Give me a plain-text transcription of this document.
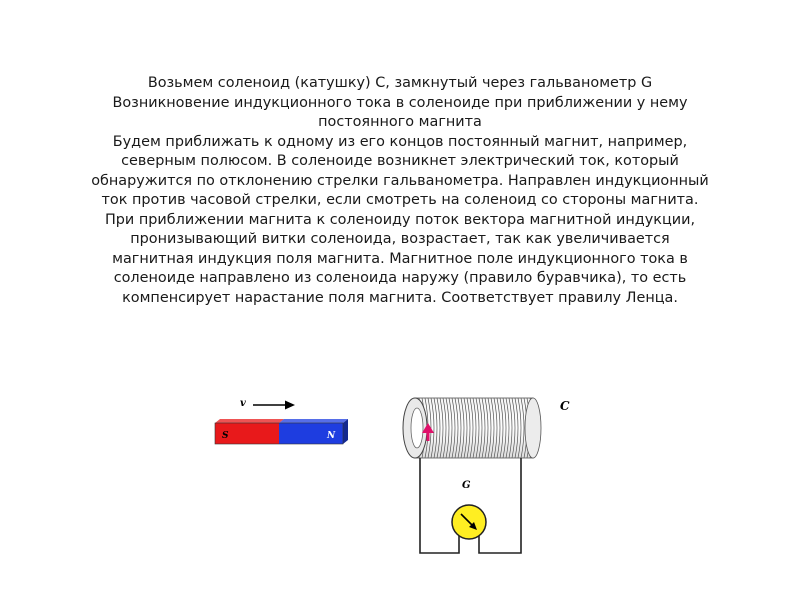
Возьмем соленоид (катушку) C, замкнутый через гальванометр G
Возникновение индукционного тока в соленоиде при приближении у нему
постоянного магнита
Будем приближать к одному из его концов постоянный магнит, например,
северным полюсом. В соленоиде возникнет электрический ток, который
обнаружится по отклонению стрелки гальванометра. Направлен индукционный
ток против часовой стрелки, если смотреть на соленоид со стороны магнита.
При приближении магнита к соленоиду поток вектора магнитной индукции,
пронизывающий витки соленоида, возрастает, так как увеличивается
магнитная индукция поля магнита. Магнитное поле индукционного тока в
соленоиде направлено из соленоида наружу (правило буравчика), то есть
компенсирует нарастание поля магнита. Соответствует правилу Ленца.
v
S	N
C
G
